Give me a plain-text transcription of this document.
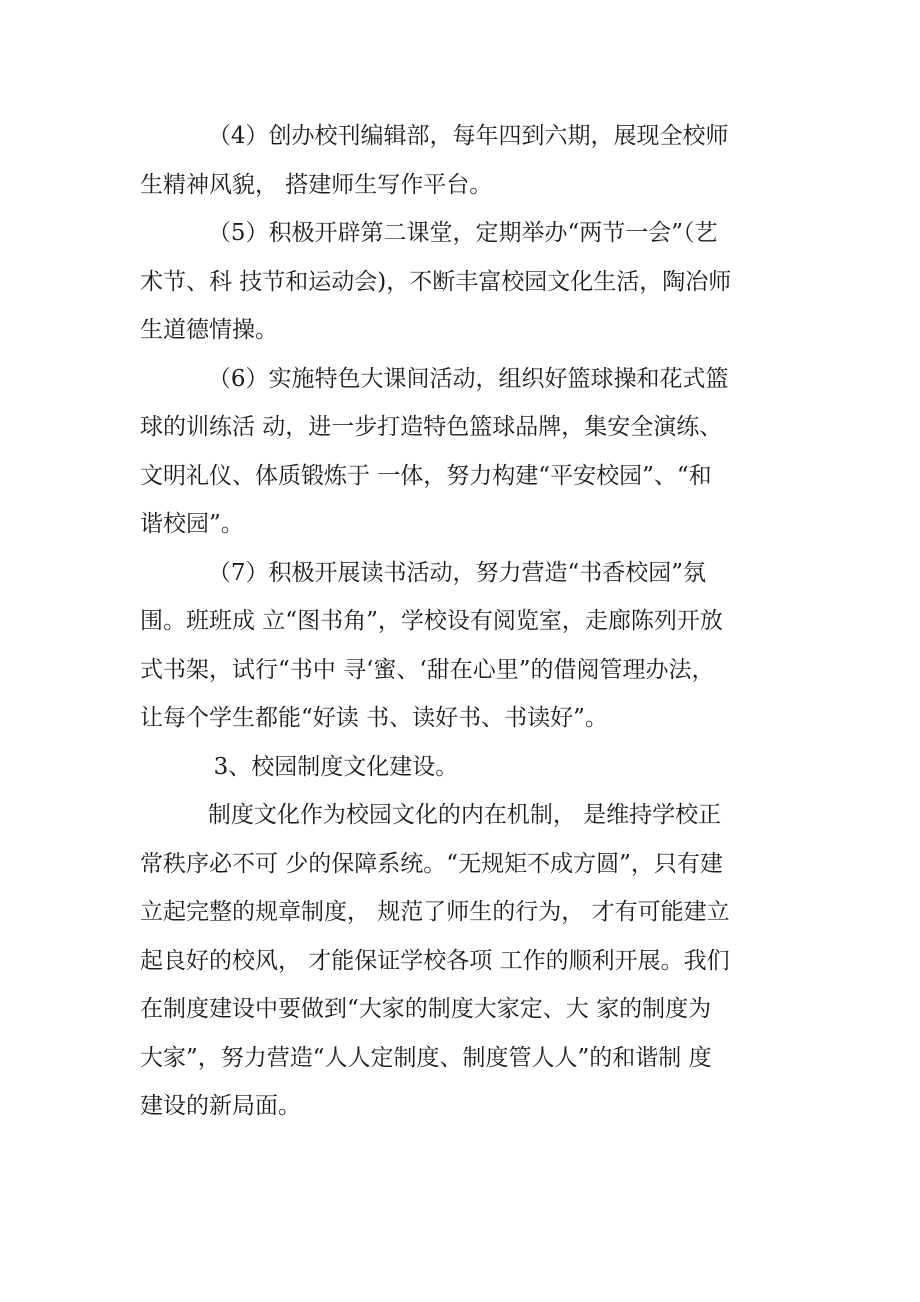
（4）创办校刊编辑部，每年四到六期，展现全校师
生精神风貌， 搭建师生写作平台。

（5）积极开辟第二课堂，定期举办“两节一会”（艺
术节、科 技节和运动会)，不断丰富校园文化生活，陶冶师
生道德情操。

（6）实施特色大课间活动，组织好篮球操和花式篮
球的训练活 动，进一步打造特色篮球品牌，集安全演练、
文明礼仪、体质锻炼于 一体，努力构建“平安校园”、“和
谐校园”。

（7）积极开展读书活动，努力营造“书香校园”氛
围。班班成 立“图书角”，学校设有阅览室，走廊陈列开放
式书架，试行“书中 寻‘蜜、‘甜在心里”的借阅管理办法，
让每个学生都能“好读 书、读好书、书读好”。

3、校园制度文化建设。

制度文化作为校园文化的内在机制， 是维持学校正
常秩序必不可 少的保障系统。“无规矩不成方圆”，只有建
立起完整的规章制度， 规范了师生的行为， 才有可能建立
起良好的校风， 才能保证学校各项 工作的顺利开展。我们
在制度建设中要做到“大家的制度大家定、大 家的制度为
大家”，努力营造“人人定制度、制度管人人”的和谐制 度
建设的新局面。
